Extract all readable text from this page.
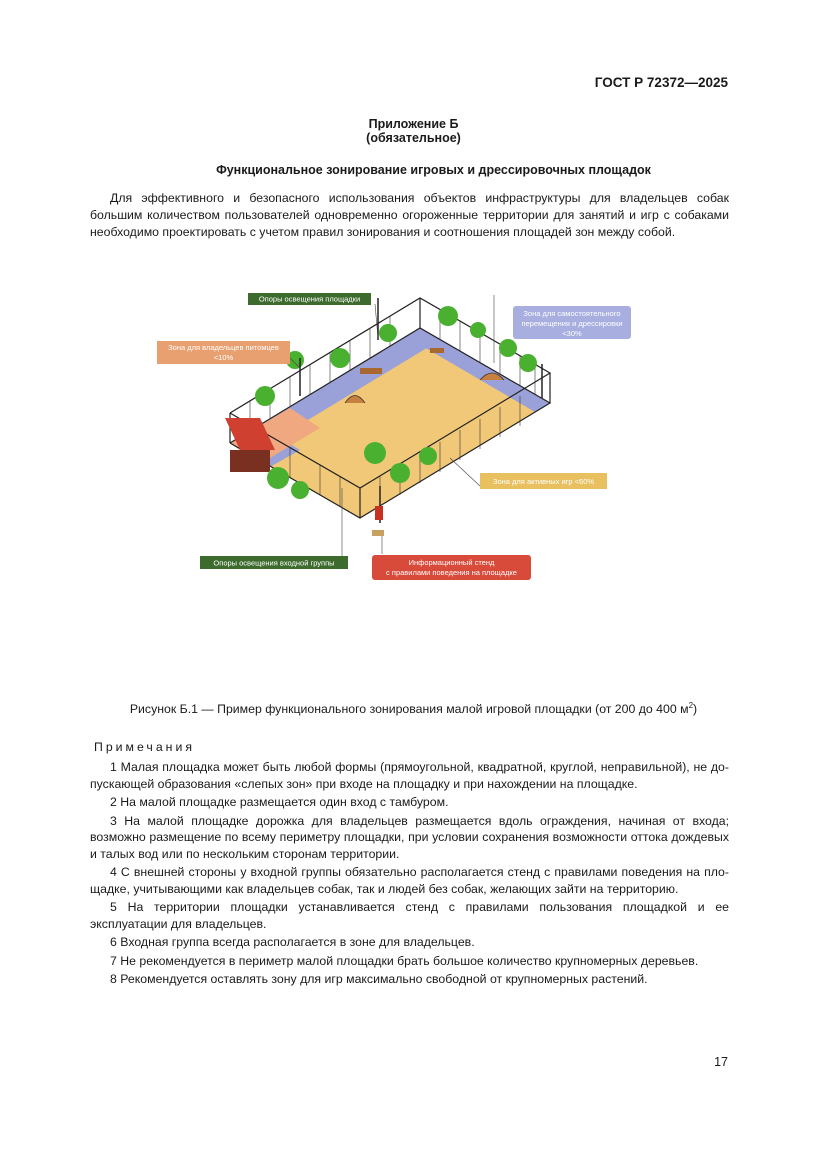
ГОСТ Р 72372—2025
Приложение Б
(обязательное)
Функциональное зонирование игровых и дрессировочных площадок

Для эффективного и безопасного использования объектов инфраструктуры для владельцев собак большим количеством пользователей одновременно огороженные территории для занятий и игр с собаками необходимо проектировать с учетом правил зонирования и соотношения площадей зон между собой.

Опоры освещения площадки
Зона для владельцев питомцев
<10%
Зона для самостоятельного
перемещения и дрессировки
<30%
Зона для активных игр <60%
Опоры освещения входной группы	Информационный стенд
с правилами поведения на площадке
Рисунок Б.1 — Пример функционального зонирования малой игровой площадки (от 200 до 400 $м^2$)
Примечания

1 Малая площадка может быть любой формы (прямоугольной, квадратной, круглой, неправильной), не допускающей образования «слепых зон» при входе на площадку и при нахождении на площадке.

2 На малой площадке размещается один вход с тамбуром.

3 На малой площадке дорожка для владельцев размещается вдоль ограждения, начиная от входа; возможно размещение по всему периметру площадки, при условии сохранения возможности оттока дождевых и талых вод или по нескольким сторонам территории.

4 С внешней стороны у входной группы обязательно располагается стенд с правилами поведения на площадке, учитывающими как владельцев собак, так и людей без собак, желающих зайти на территорию.

5 На территории площадки устанавливается стенд с правилами пользования площадкой и ее эксплуатации для владельцев.

6 Входная группа всегда располагается в зоне для владельцев.

7 Не рекомендуется в периметр малой площадки брать большое количество крупномерных деревьев.

8 Рекомендуется оставлять зону для игр максимально свободной от крупномерных растений.

17
